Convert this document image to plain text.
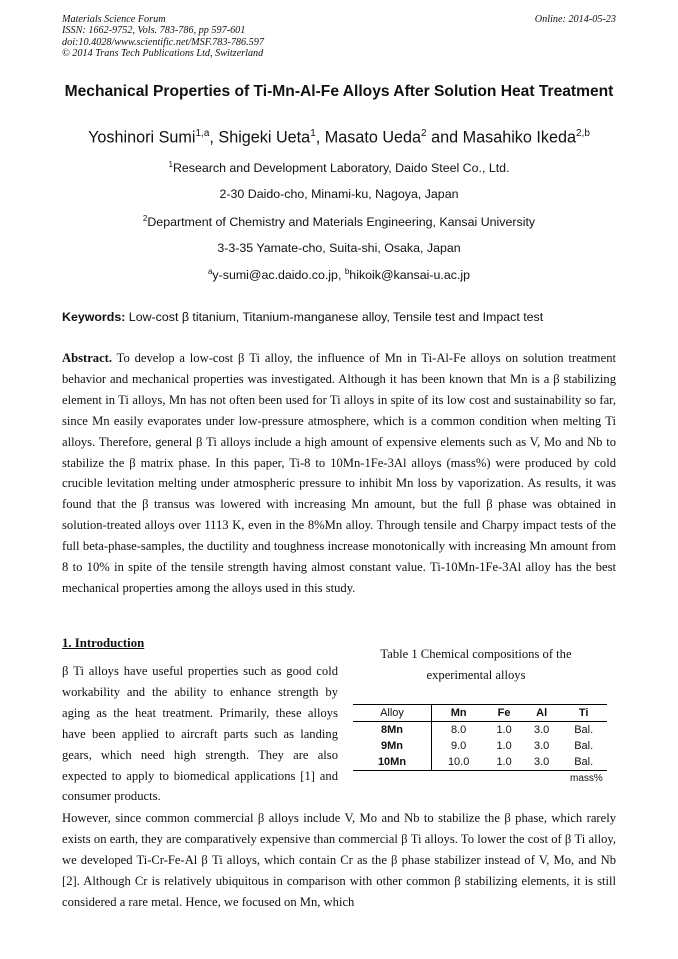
Materials Science Forum
ISSN: 1662-9752, Vols. 783-786, pp 597-601
doi:10.4028/www.scientific.net/MSF.783-786.597
© 2014 Trans Tech Publications Ltd, Switzerland
Online: 2014-05-23
Mechanical Properties of Ti-Mn-Al-Fe Alloys After Solution Heat Treatment
Yoshinori Sumi$^{1,a}$, Shigeki Ueta$^1$, Masato Ueda$^2$ and Masahiko Ikeda$^{2,b}$
$^1$Research and Development Laboratory, Daido Steel Co., Ltd.
2-30 Daido-cho, Minami-ku, Nagoya, Japan
$^2$Department of Chemistry and Materials Engineering, Kansai University
3-3-35 Yamate-cho, Suita-shi, Osaka, Japan
$^a$y-sumi@ac.daido.co.jp, $^b$hikoik@kansai-u.ac.jp
Keywords: Low-cost β titanium, Titanium-manganese alloy, Tensile test and Impact test
Abstract. To develop a low-cost β Ti alloy, the influence of Mn in Ti-Al-Fe alloys on solution treatment behavior and mechanical properties was investigated. Although it has been known that Mn is a β stabilizing element in Ti alloys, Mn has not often been used for Ti alloys in spite of its low cost and sustainability so far, since Mn easily evaporates under low-pressure atmosphere, which is a common condition when melting Ti alloys. Therefore, general β Ti alloys include a high amount of expensive elements such as V, Mo and Nb to stabilize the β matrix phase. In this paper, Ti-8 to 10Mn-1Fe-3Al alloys (mass%) were produced by cold crucible levitation melting under atmospheric pressure to inhibit Mn loss by vaporization. As results, it was found that the β transus was lowered with increasing Mn amount, but the full β phase was obtained in solution-treated alloys over 1113 K, even in the 8%Mn alloy. Through tensile and Charpy impact tests of the full beta-phase-samples, the ductility and toughness increase monotonically with increasing Mn amount from 8 to 10% in spite of the tensile strength having almost constant value. Ti-10Mn-1Fe-3Al alloy has the best mechanical properties among the alloys used in this study.
1. Introduction
β Ti alloys have useful properties such as good cold workability and the ability to enhance strength by aging as the heat treatment. Primarily, these alloys have been applied to aircraft parts such as landing gears, which need high strength. They are also expected to apply to biomedical applications [1] and consumer products.
Table 1 Chemical compositions of the experimental alloys
Alloy	Mn	Fe	Al	Ti
8Mn	8.0	1.0	3.0	Bal.
9Mn	9.0	1.0	3.0	Bal.
10Mn	10.0	1.0	3.0	Bal.
mass%
However, since common commercial β alloys include V, Mo and Nb to stabilize the β phase, which rarely exists on earth, they are comparatively expensive than commercial β Ti alloys. To lower the cost of β Ti alloy, we developed Ti-Cr-Fe-Al β Ti alloys, which contain Cr as the β phase stabilizer instead of V, Mo, and Nb [2]. Although Cr is relatively ubiquitous in comparison with other common β stabilizing elements, it is still considered a rare metal. Hence, we focused on Mn, which
